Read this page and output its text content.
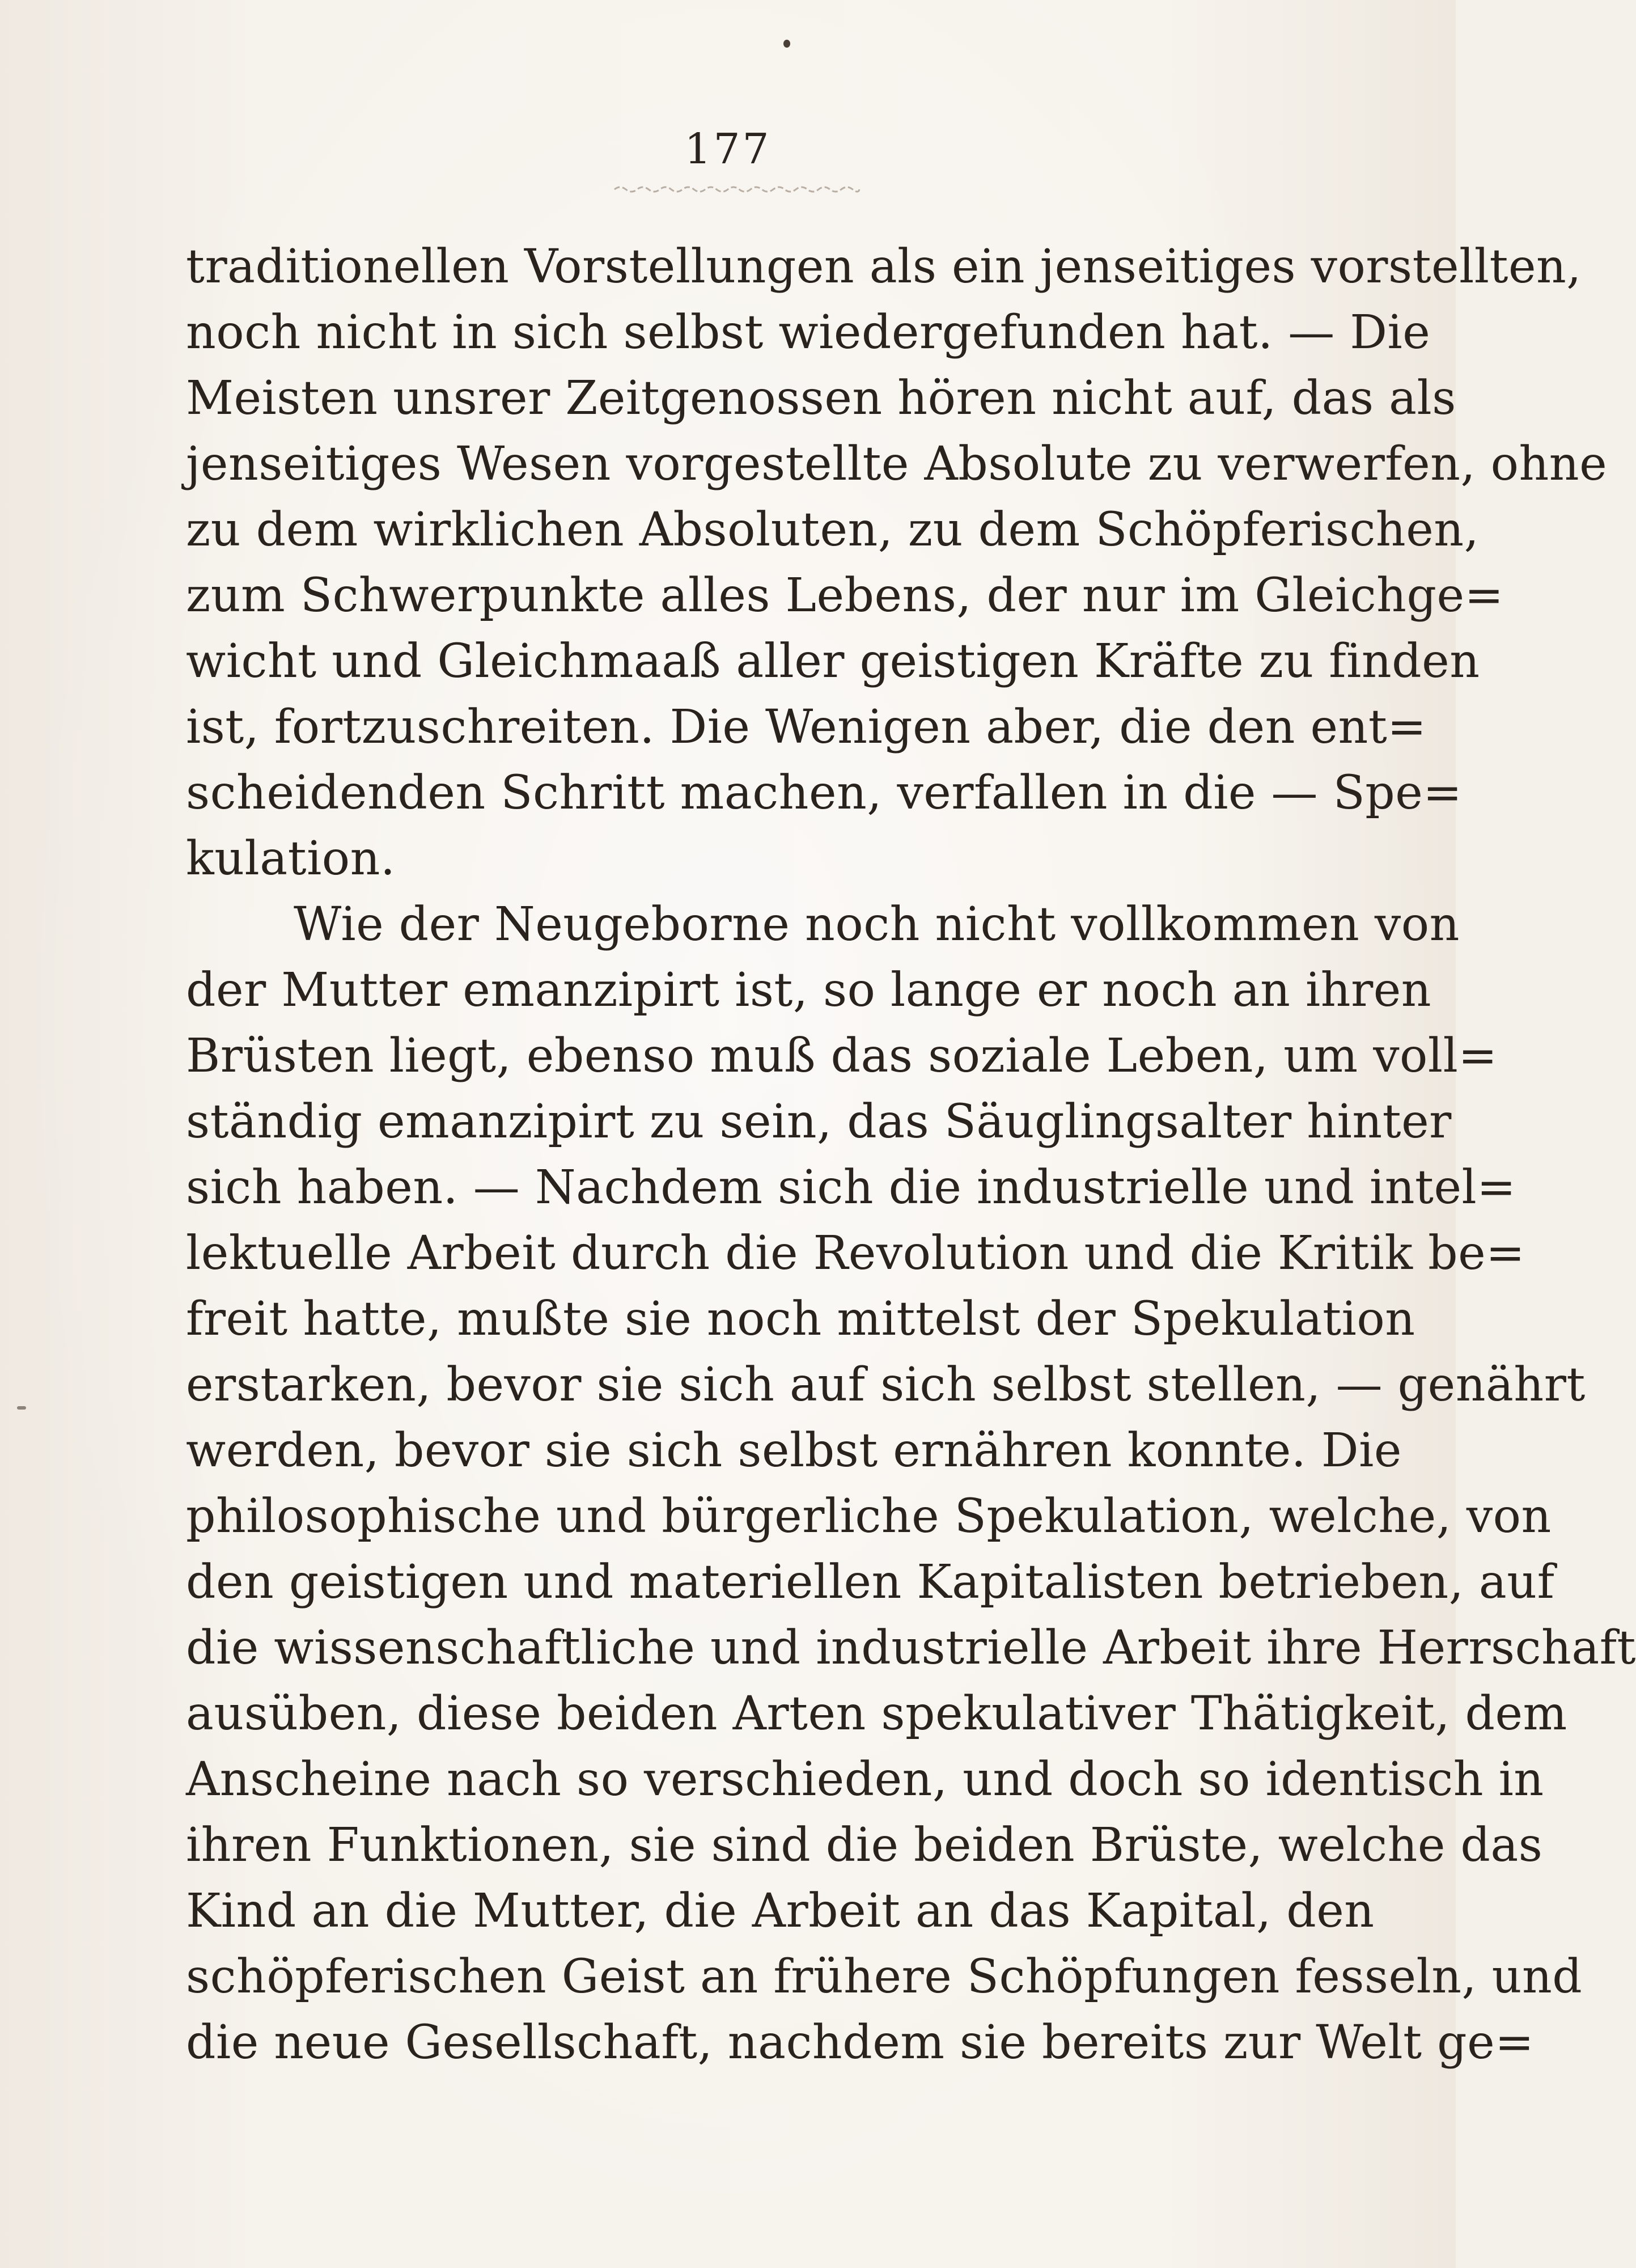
177
traditionellen Vorstellungen als ein jenseitiges vorstellten,
noch nicht in sich selbst wiedergefunden hat. — Die
Meisten unsrer Zeitgenossen hören nicht auf, das als
jenseitiges Wesen vorgestellte Absolute zu verwerfen, ohne
zu dem wirklichen Absoluten, zu dem Schöpferischen,
zum Schwerpunkte alles Lebens, der nur im Gleichge=
wicht und Gleichmaaß aller geistigen Kräfte zu finden
ist, fortzuschreiten. Die Wenigen aber, die den ent=
scheidenden Schritt machen, verfallen in die — Spe=
kulation.
Wie der Neugeborne noch nicht vollkommen von
der Mutter emanzipirt ist, so lange er noch an ihren
Brüsten liegt, ebenso muß das soziale Leben, um voll=
ständig emanzipirt zu sein, das Säuglingsalter hinter
sich haben. — Nachdem sich die industrielle und intel=
lektuelle Arbeit durch die Revolution und die Kritik be=
freit hatte, mußte sie noch mittelst der Spekulation
erstarken, bevor sie sich auf sich selbst stellen, — genährt
werden, bevor sie sich selbst ernähren konnte. Die
philosophische und bürgerliche Spekulation, welche, von
den geistigen und materiellen Kapitalisten betrieben, auf
die wissenschaftliche und industrielle Arbeit ihre Herrschaft
ausüben, diese beiden Arten spekulativer Thätigkeit, dem
Anscheine nach so verschieden, und doch so identisch in
ihren Funktionen, sie sind die beiden Brüste, welche das
Kind an die Mutter, die Arbeit an das Kapital, den
schöpferischen Geist an frühere Schöpfungen fesseln, und
die neue Gesellschaft, nachdem sie bereits zur Welt ge=
